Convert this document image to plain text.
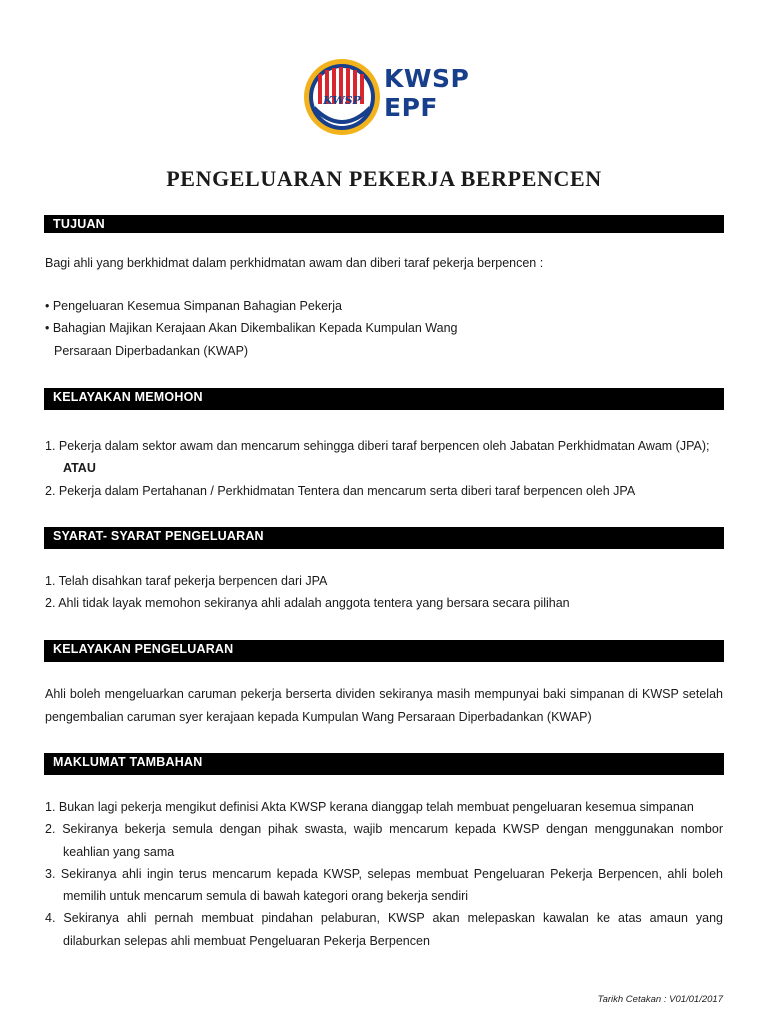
KWSP
KWSP
EPF
PENGELUARAN PEKERJA BERPENCEN
TUJUAN
Bagi ahli yang berkhidmat dalam perkhidmatan awam dan diberi taraf pekerja berpencen :
• Pengeluaran Kesemua Simpanan Bahagian Pekerja
• Bahagian Majikan Kerajaan Akan Dikembalikan Kepada Kumpulan Wang
Persaraan Diperbadankan (KWAP)
KELAYAKAN MEMOHON
1. Pekerja dalam sektor awam dan mencarum sehingga diberi taraf berpencen oleh Jabatan Perkhidmatan Awam (JPA);
ATAU
2. Pekerja dalam Pertahanan / Perkhidmatan Tentera dan mencarum serta diberi taraf berpencen oleh JPA
SYARAT- SYARAT PENGELUARAN
1. Telah disahkan taraf pekerja berpencen dari JPA
2. Ahli tidak layak memohon sekiranya ahli adalah anggota tentera yang bersara secara pilihan
KELAYAKAN PENGELUARAN
Ahli boleh mengeluarkan caruman pekerja berserta dividen sekiranya masih mempunyai baki simpanan di KWSP setelah
pengembalian caruman syer kerajaan kepada Kumpulan Wang Persaraan Diperbadankan (KWAP)
MAKLUMAT TAMBAHAN
1. Bukan lagi pekerja mengikut definisi Akta KWSP kerana dianggap telah membuat pengeluaran kesemua simpanan
2. Sekiranya bekerja semula dengan pihak swasta, wajib mencarum kepada KWSP dengan menggunakan nombor
keahlian yang sama
3. Sekiranya ahli ingin terus mencarum kepada KWSP, selepas membuat Pengeluaran Pekerja Berpencen, ahli boleh
memilih untuk mencarum semula di bawah kategori orang bekerja sendiri
4. Sekiranya ahli pernah membuat pindahan pelaburan, KWSP akan melepaskan kawalan ke atas amaun yang
dilaburkan selepas ahli membuat Pengeluaran Pekerja Berpencen
Tarikh Cetakan : V01/01/2017
